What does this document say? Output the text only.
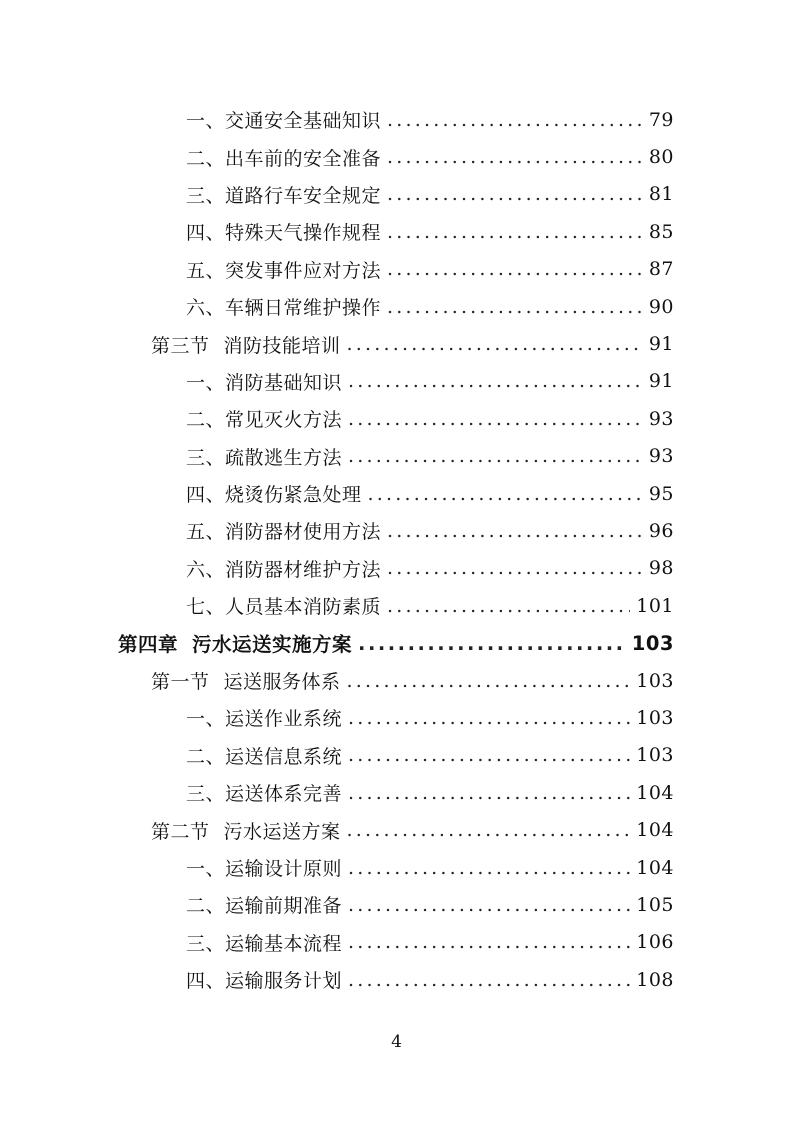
一、 交通安全基础知识 .....	79
二、 出车前的安全准备 .....	80
三、 道路行车安全规定 .....	81
四、 特殊天气操作规程 .....	85
五、 突发事件应对方法 .....	87
六、 车辆日常维护操作 .....	90
第三节 消防技能培训 .....	91
一、 消防基础知识 .....	91
二、 常见灭火方法 .....	93
三、 疏散逃生方法 .....	93
四、 烧烫伤紧急处理 .....	95
五、 消防器材使用方法 .....	96
六、 消防器材维护方法 .....	98
七、 人员基本消防素质 .....	101
第四章 污水运送实施方案 .....	103
第一节 运送服务体系 .....	103
一、 运送作业系统 .....	103
二、 运送信息系统 .....	103
三、 运送体系完善 .....	104
第二节 污水运送方案 .....	104
一、 运输设计原则 .....	104
二、 运输前期准备 .....	105
三、 运输基本流程 .....	106
四、 运输服务计划 .....	108
4
